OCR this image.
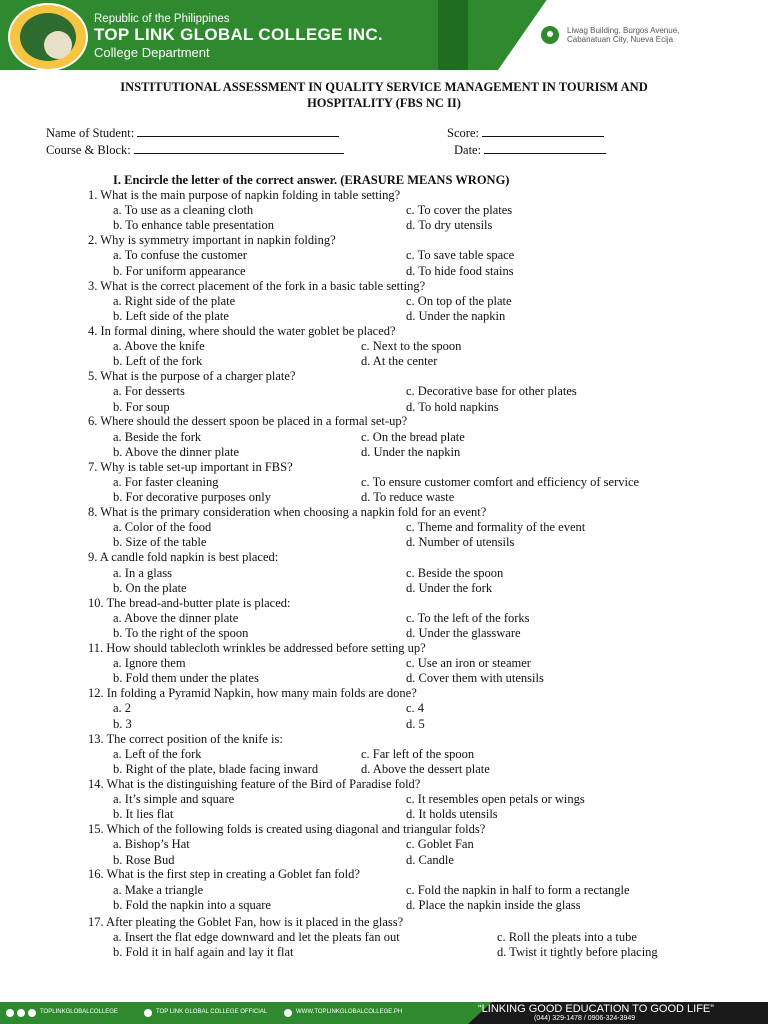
Republic of the Philippines
TOP LINK GLOBAL COLLEGE INC.
College Department
Liwag Building, Burgos Avenue,
Cabanatuan City, Nueva Ecija
INSTITUTIONAL ASSESSMENT IN QUALITY SERVICE MANAGEMENT IN TOURISM AND
HOSPITALITY (FBS NC II)
Name of Student:
Course & Block:
Score:
Date:
I. Encircle the letter of the correct answer. (ERASURE MEANS WRONG)
1. What is the main purpose of napkin folding in table setting?
a. To use as a cleaning cloth
b. To enhance table presentation
c. To cover the plates
d. To dry utensils
2. Why is symmetry important in napkin folding?
a. To confuse the customer
b. For uniform appearance
c. To save table space
d. To hide food stains
3. What is the correct placement of the fork in a basic table setting?
a. Right side of the plate
b. Left side of the plate
c. On top of the plate
d. Under the napkin
4. In formal dining, where should the water goblet be placed?
a. Above the knife
b. Left of the fork
c. Next to the spoon
d. At the center
5. What is the purpose of a charger plate?
a. For desserts
b. For soup
c. Decorative base for other plates
d. To hold napkins
6. Where should the dessert spoon be placed in a formal set-up?
a. Beside the fork
b. Above the dinner plate
c. On the bread plate
d. Under the napkin
7. Why is table set-up important in FBS?
a. For faster cleaning
b. For decorative purposes only
c. To ensure customer comfort and efficiency of service
d. To reduce waste
8. What is the primary consideration when choosing a napkin fold for an event?
a. Color of the food
b. Size of the table
c. Theme and formality of the event
d. Number of utensils
9. A candle fold napkin is best placed:
a. In a glass
b. On the plate
c. Beside the spoon
d. Under the fork
10. The bread-and-butter plate is placed:
a. Above the dinner plate
b. To the right of the spoon
c. To the left of the forks
d. Under the glassware
11. How should tablecloth wrinkles be addressed before setting up?
a. Ignore them
b. Fold them under the plates
c. Use an iron or steamer
d. Cover them with utensils
12. In folding a Pyramid Napkin, how many main folds are done?
a. 2
b. 3
c. 4
d. 5
13. The correct position of the knife is:
a. Left of the fork
b. Right of the plate, blade facing inward
c. Far left of the spoon
d. Above the dessert plate
14. What is the distinguishing feature of the Bird of Paradise fold?
a. It’s simple and square
b. It lies flat
c. It resembles open petals or wings
d. It holds utensils
15. Which of the following folds is created using diagonal and triangular folds?
a. Bishop’s Hat
b. Rose Bud
c. Goblet Fan
d. Candle
16. What is the first step in creating a Goblet fan fold?
a. Make a triangle
b. Fold the napkin into a square
c. Fold the napkin in half to form a rectangle
d. Place the napkin inside the glass
17. After pleating the Goblet Fan, how is it placed in the glass?
a. Insert the flat edge downward and let the pleats fan out
b. Fold it in half again and lay it flat
c. Roll the pleats into a tube
d. Twist it tightly before placing
TOPLINKGLOBALCOLLEGE	TOP LINK GLOBAL COLLEGE OFFICIAL	WWW.TOPLINKGLOBALCOLLEGE.PH	“LINKING GOOD EDUCATION TO GOOD LIFE”
(044) 329-1478 / 0906-324-3949
